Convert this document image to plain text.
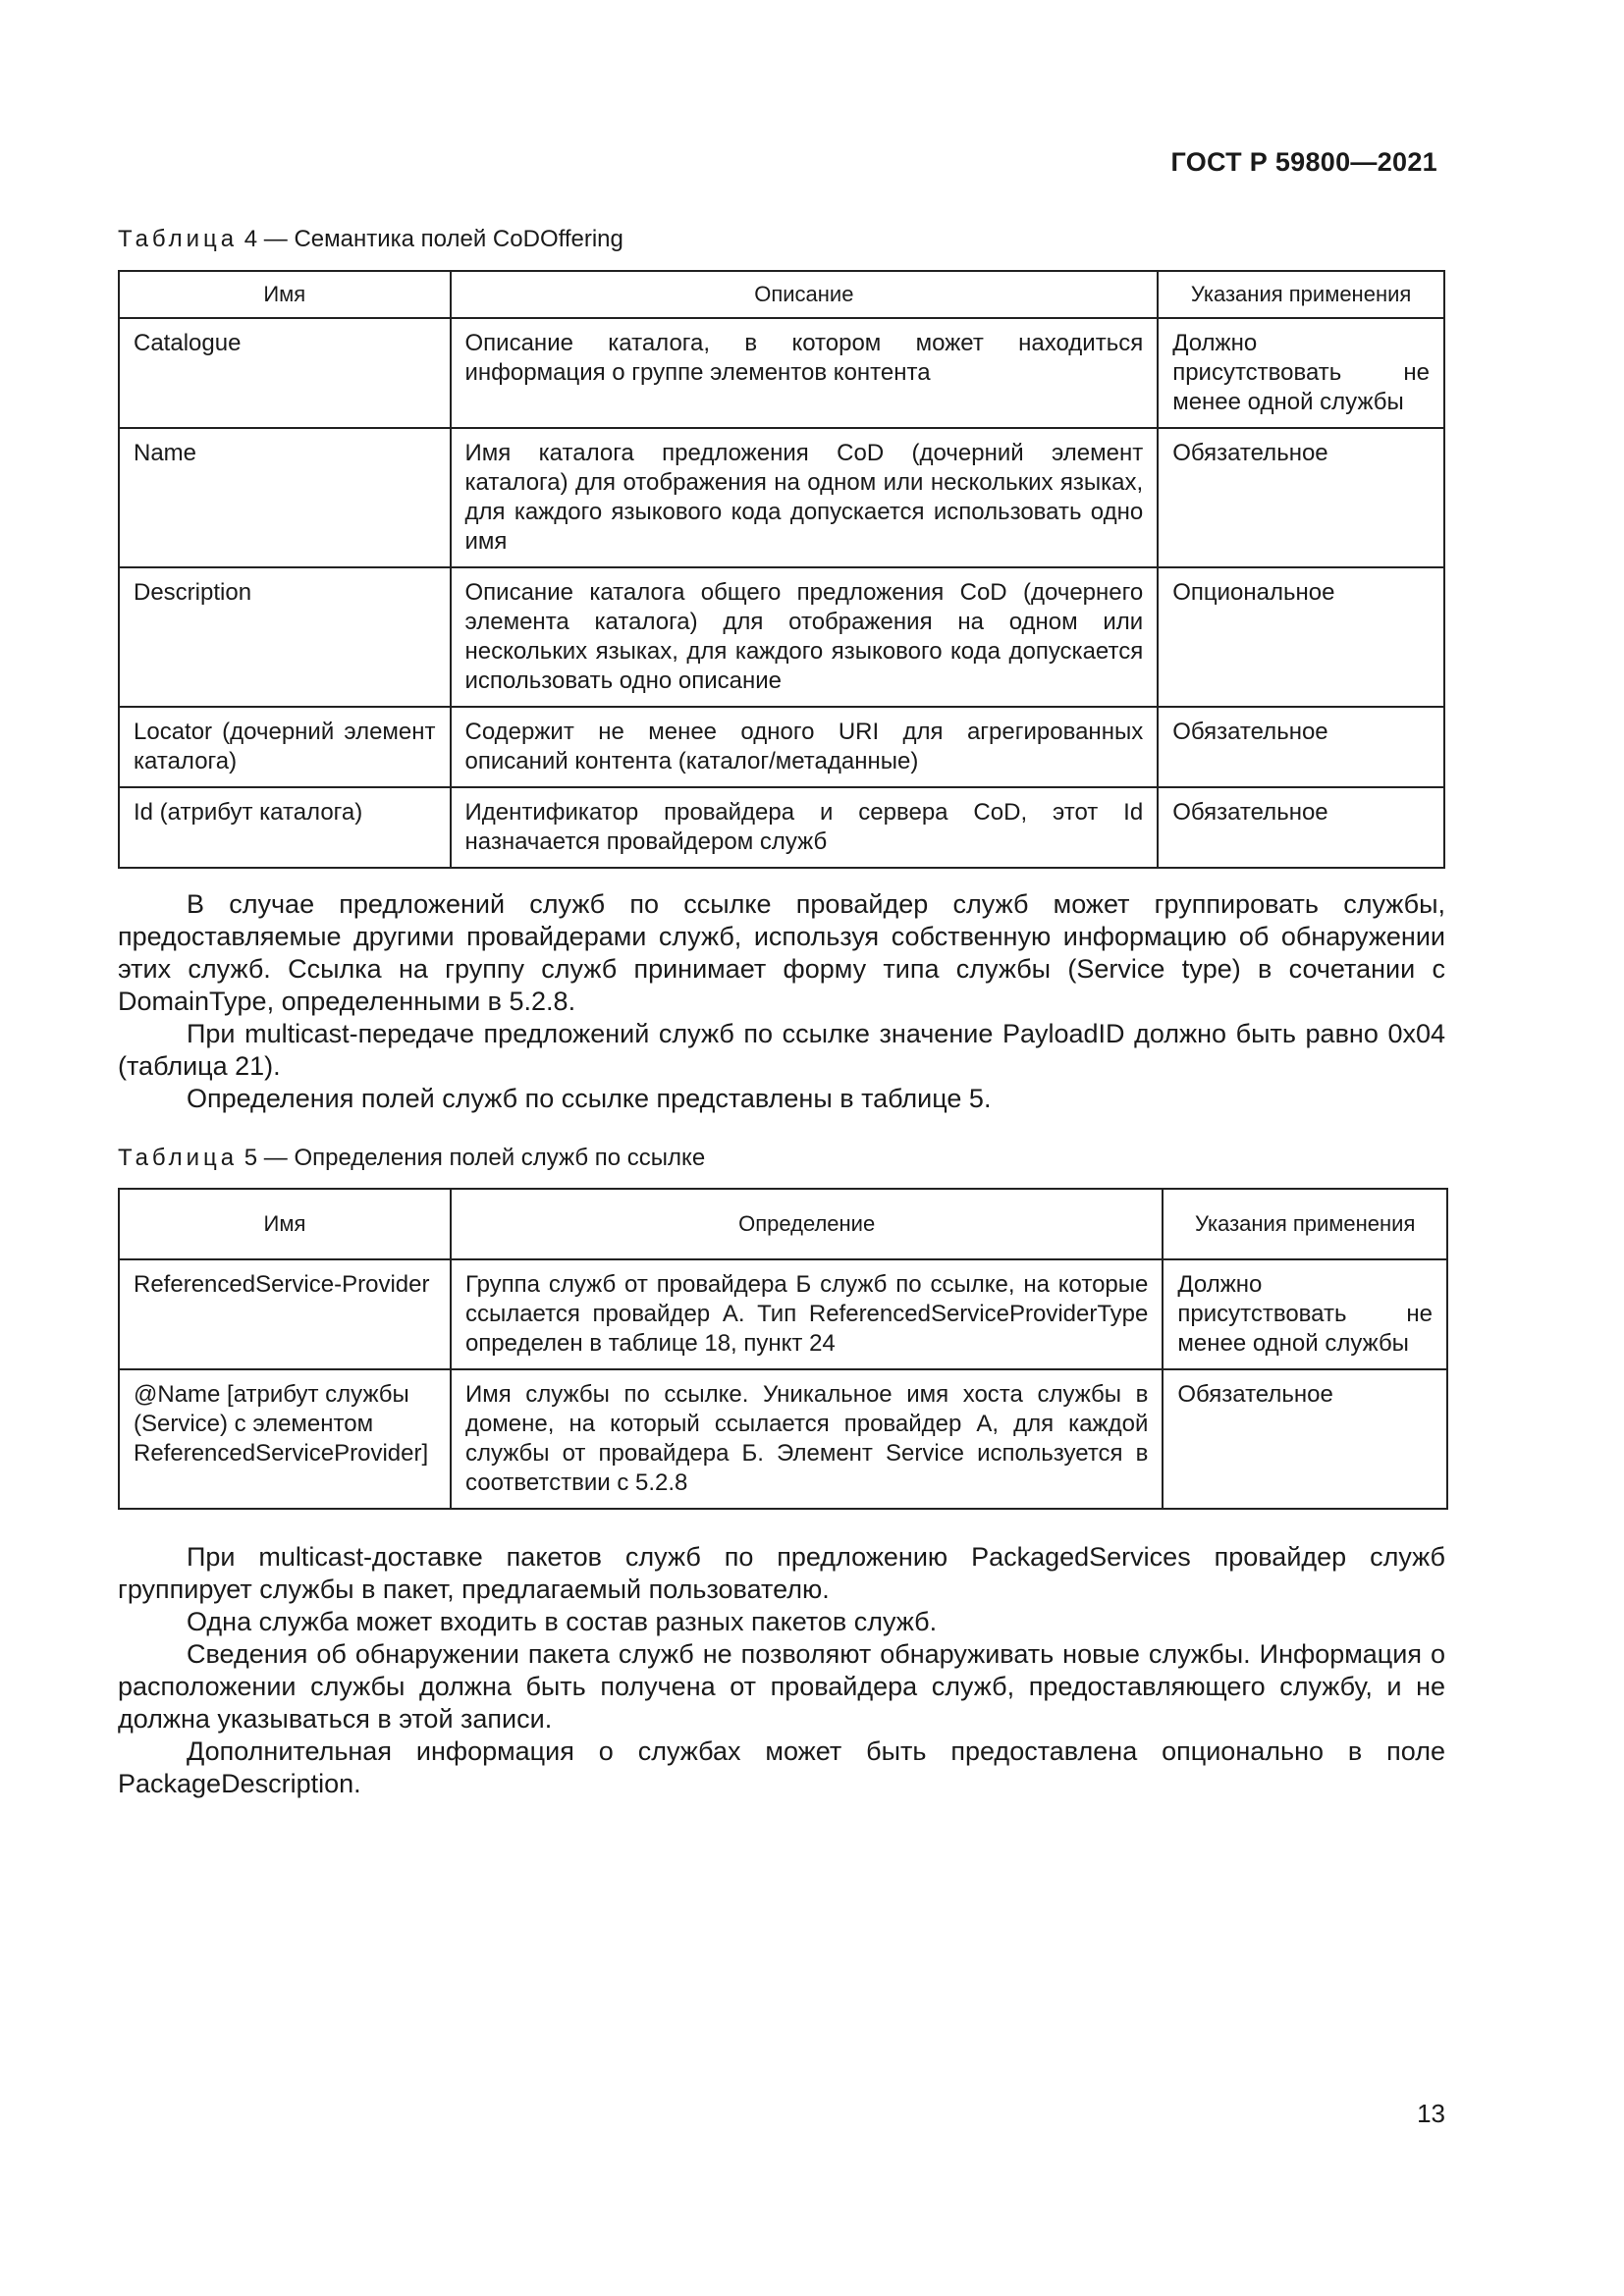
ГОСТ Р 59800—2021
Таблица 4 — Семантика полей CoDOffering
Имя	Описание	Указания применения
Catalogue	Описание каталога, в котором может находиться информация о группе элементов контента	Должно присутствовать не менее одной службы
Name	Имя каталога предложения CoD (дочерний элемент каталога) для отображения на одном или нескольких языках, для каждого языкового кода допускается использовать одно имя	Обязательное
Description	Описание каталога общего предложения CoD (дочернего элемента каталога) для отображения на одном или нескольких языках, для каждого языкового кода допускается использовать одно описание	Опциональное
Locator (дочерний элемент каталога)	Содержит не менее одного URI для агрегированных описаний контента (каталог/метаданные)	Обязательное
Id (атрибут каталога)	Идентификатор провайдера и сервера CoD, этот Id назначается провайдером служб	Обязательное

В случае предложений служб по ссылке провайдер служб может группировать службы, предоставляемые другими провайдерами служб, используя собственную информацию об обнаружении этих служб. Ссылка на группу служб принимает форму типа службы (Service type) в сочетании с DomainType, определенными в 5.2.8.

При multicast-передаче предложений служб по ссылке значение PayloadID должно быть равно 0x04 (таблица 21).

Определения полей служб по ссылке представлены в таблице 5.

Таблица 5 — Определения полей служб по ссылке
Имя	Определение	Указания применения
ReferencedService-Provider	Группа служб от провайдера Б служб по ссылке, на которые ссылается провайдер А. Тип ReferencedServiceProviderType определен в таблице 18, пункт 24	Должно присутствовать не менее одной службы
@Name [атрибут службы (Service) с элементом ReferencedServiceProvider]	Имя службы по ссылке. Уникальное имя хоста службы в домене, на который ссылается провайдер А, для каждой службы от провайдера Б. Элемент Service используется в соответствии с 5.2.8	Обязательное

При multicast-доставке пакетов служб по предложению PackagedServices провайдер служб группирует службы в пакет, предлагаемый пользователю.

Одна служба может входить в состав разных пакетов служб.

Сведения об обнаружении пакета служб не позволяют обнаруживать новые службы. Информация о расположении службы должна быть получена от провайдера служб, предоставляющего службу, и не должна указываться в этой записи.

Дополнительная информация о службах может быть предоставлена опционально в поле PackageDescription.

13
